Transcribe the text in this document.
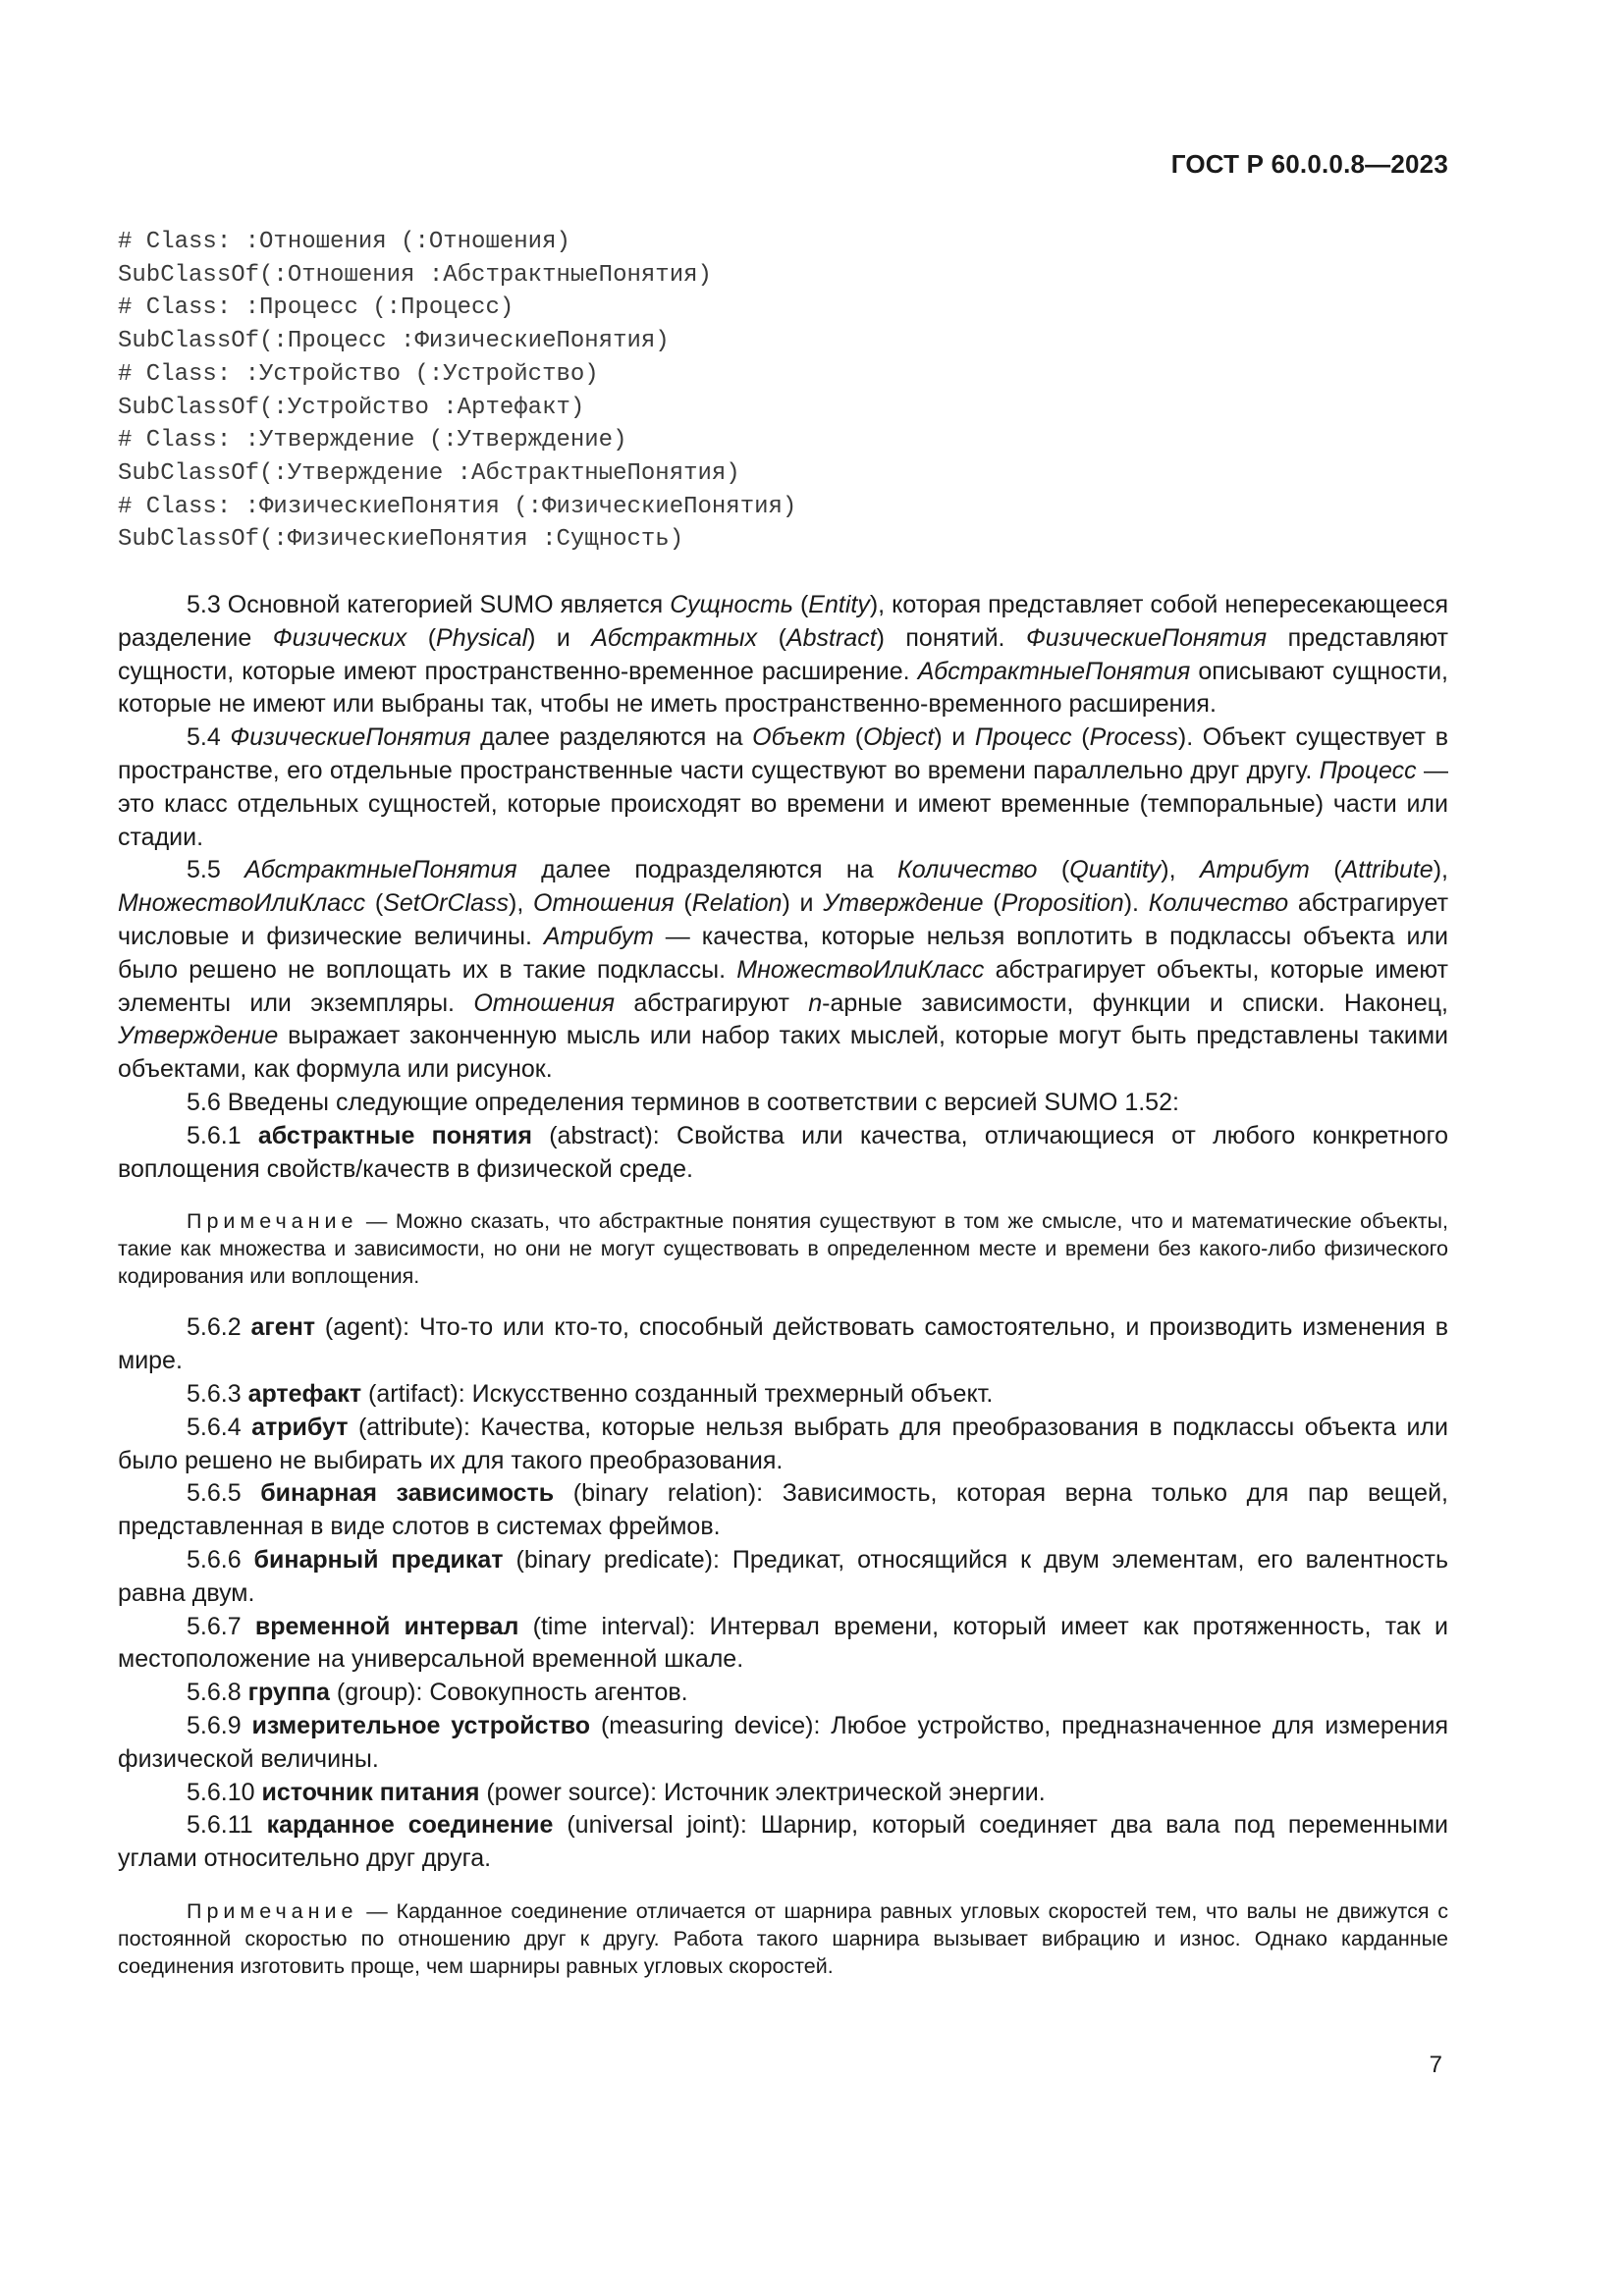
ГОСТ Р 60.0.0.8—2023
# Class: :Отношения (:Отношения)
SubClassOf(:Отношения :АбстрактныеПонятия)
# Class: :Процесс (:Процесс)
SubClassOf(:Процесс :ФизическиеПонятия)
# Class: :Устройство (:Устройство)
SubClassOf(:Устройство :Артефакт)
# Class: :Утверждение (:Утверждение)
SubClassOf(:Утверждение :АбстрактныеПонятия)
# Class: :ФизическиеПонятия (:ФизическиеПонятия)
SubClassOf(:ФизическиеПонятия :Сущность)

5.3 Основной категорией SUMO является Сущность (Entity), которая представляет собой непересекающееся разделение Физических (Physical) и Абстрактных (Abstract) понятий. ФизическиеПонятия представляют сущности, которые имеют пространственно-временное расширение. АбстрактныеПонятия описывают сущности, которые не имеют или выбраны так, чтобы не иметь пространственно-временного расширения.

5.4 ФизическиеПонятия далее разделяются на Объект (Object) и Процесс (Process). Объект существует в пространстве, его отдельные пространственные части существуют во времени параллельно друг другу. Процесс — это класс отдельных сущностей, которые происходят во времени и имеют временные (темпоральные) части или стадии.

5.5 АбстрактныеПонятия далее подразделяются на Количество (Quantity), Атрибут (Attribute), МножествоИлиКласс (SetOrClass), Отношения (Relation) и Утверждение (Proposition). Количество абстрагирует числовые и физические величины. Атрибут — качества, которые нельзя воплотить в подклассы объекта или было решено не воплощать их в такие подклассы. МножествоИлиКласс абстрагирует объекты, которые имеют элементы или экземпляры. Отношения абстрагируют n-арные зависимости, функции и списки. Наконец, Утверждение выражает законченную мысль или набор таких мыслей, которые могут быть представлены такими объектами, как формула или рисунок.

5.6 Введены следующие определения терминов в соответствии с версией SUMO 1.52:

5.6.1 абстрактные понятия (abstract): Свойства или качества, отличающиеся от любого конкретного воплощения свойств/качеств в физической среде.

Примечание — Можно сказать, что абстрактные понятия существуют в том же смысле, что и математические объекты, такие как множества и зависимости, но они не могут существовать в определенном месте и времени без какого-либо физического кодирования или воплощения.

5.6.2 агент (agent): Что-то или кто-то, способный действовать самостоятельно, и производить изменения в мире.

5.6.3 артефакт (artifact): Искусственно созданный трехмерный объект.

5.6.4 атрибут (attribute): Качества, которые нельзя выбрать для преобразования в подклассы объекта или было решено не выбирать их для такого преобразования.

5.6.5 бинарная зависимость (binary relation): Зависимость, которая верна только для пар вещей, представленная в виде слотов в системах фреймов.

5.6.6 бинарный предикат (binary predicate): Предикат, относящийся к двум элементам, его валентность равна двум.

5.6.7 временной интервал (time interval): Интервал времени, который имеет как протяженность, так и местоположение на универсальной временной шкале.

5.6.8 группа (group): Совокупность агентов.

5.6.9 измерительное устройство (measuring device): Любое устройство, предназначенное для измерения физической величины.

5.6.10 источник питания (power source): Источник электрической энергии.

5.6.11 карданное соединение (universal joint): Шарнир, который соединяет два вала под переменными углами относительно друг друга.

Примечание — Карданное соединение отличается от шарнира равных угловых скоростей тем, что валы не движутся с постоянной скоростью по отношению друг к другу. Работа такого шарнира вызывает вибрацию и износ. Однако карданные соединения изготовить проще, чем шарниры равных угловых скоростей.

7
